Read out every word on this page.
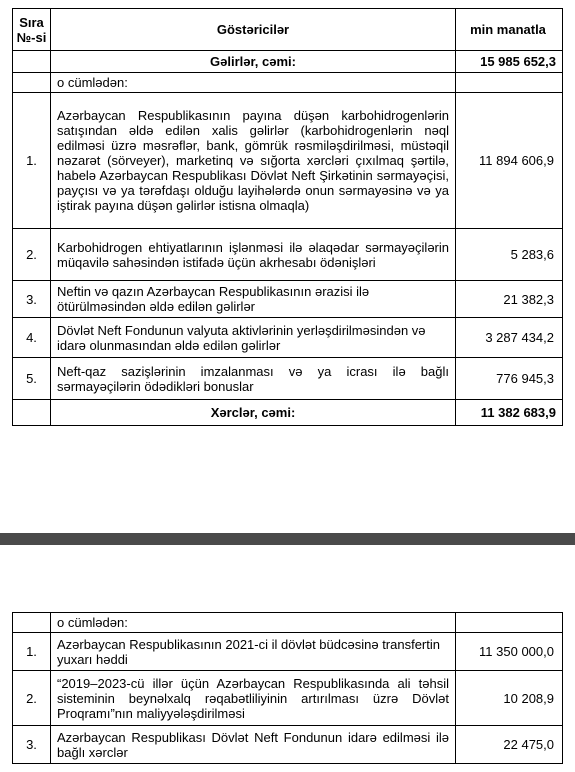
Sıra №-si	Göstəricilər	min manatla
	Gəlirlər, cəmi:	15 985 652,3
	o cümlədən:	
1.	Azərbaycan Respublikasının payına düşən karbohidrogenlərin satışından əldə edilən xalis gəlirlər (karbohidrogenlərin nəql edilməsi üzrə məsrəflər, bank, gömrük rəsmiləşdirilməsi, müstəqil nəzarət (sörveyer), marketinq və sığorta xərcləri çıxılmaq şərtilə, habelə Azərbaycan Respublikası Dövlət Neft Şirkətinin sərmayəçisi, payçısı və ya tərəfdaşı olduğu layihələrdə onun sərmayəsinə və ya iştirak payına düşən gəlirlər istisna olmaqla)	11 894 606,9
2.	Karbohidrogen ehtiyatlarının işlənməsi ilə əlaqədar sərmayəçilərin müqavilə sahəsindən istifadə üçün akrhesabı ödənişləri	5 283,6
3.	Neftin və qazın Azərbaycan Respublikasının ərazisi ilə ötürülməsindən əldə edilən gəlirlər	21 382,3
4.	Dövlət Neft Fondunun valyuta aktivlərinin yerləşdirilməsindən və idarə olunmasından əldə edilən gəlirlər	3 287 434,2
5.	Neft-qaz sazişlərinin imzalanması və ya icrası ilə bağlı sərmayəçilərin ödədikləri bonuslar	776 945,3
	Xərclər, cəmi:	11 382 683,9
	o cümlədən:	
1.	Azərbaycan Respublikasının 2021-ci il dövlət büdcəsinə transfertin yuxarı həddi	11 350 000,0
2.	“2019–2023-cü illər üçün Azərbaycan Respublikasında ali təhsil sisteminin beynəlxalq rəqabətliliyinin artırılması üzrə Dövlət Proqramı”nın maliyyələşdirilməsi	10 208,9
3.	Azərbaycan Respublikası Dövlət Neft Fondunun idarə edilməsi ilə bağlı xərclər	22 475,0
